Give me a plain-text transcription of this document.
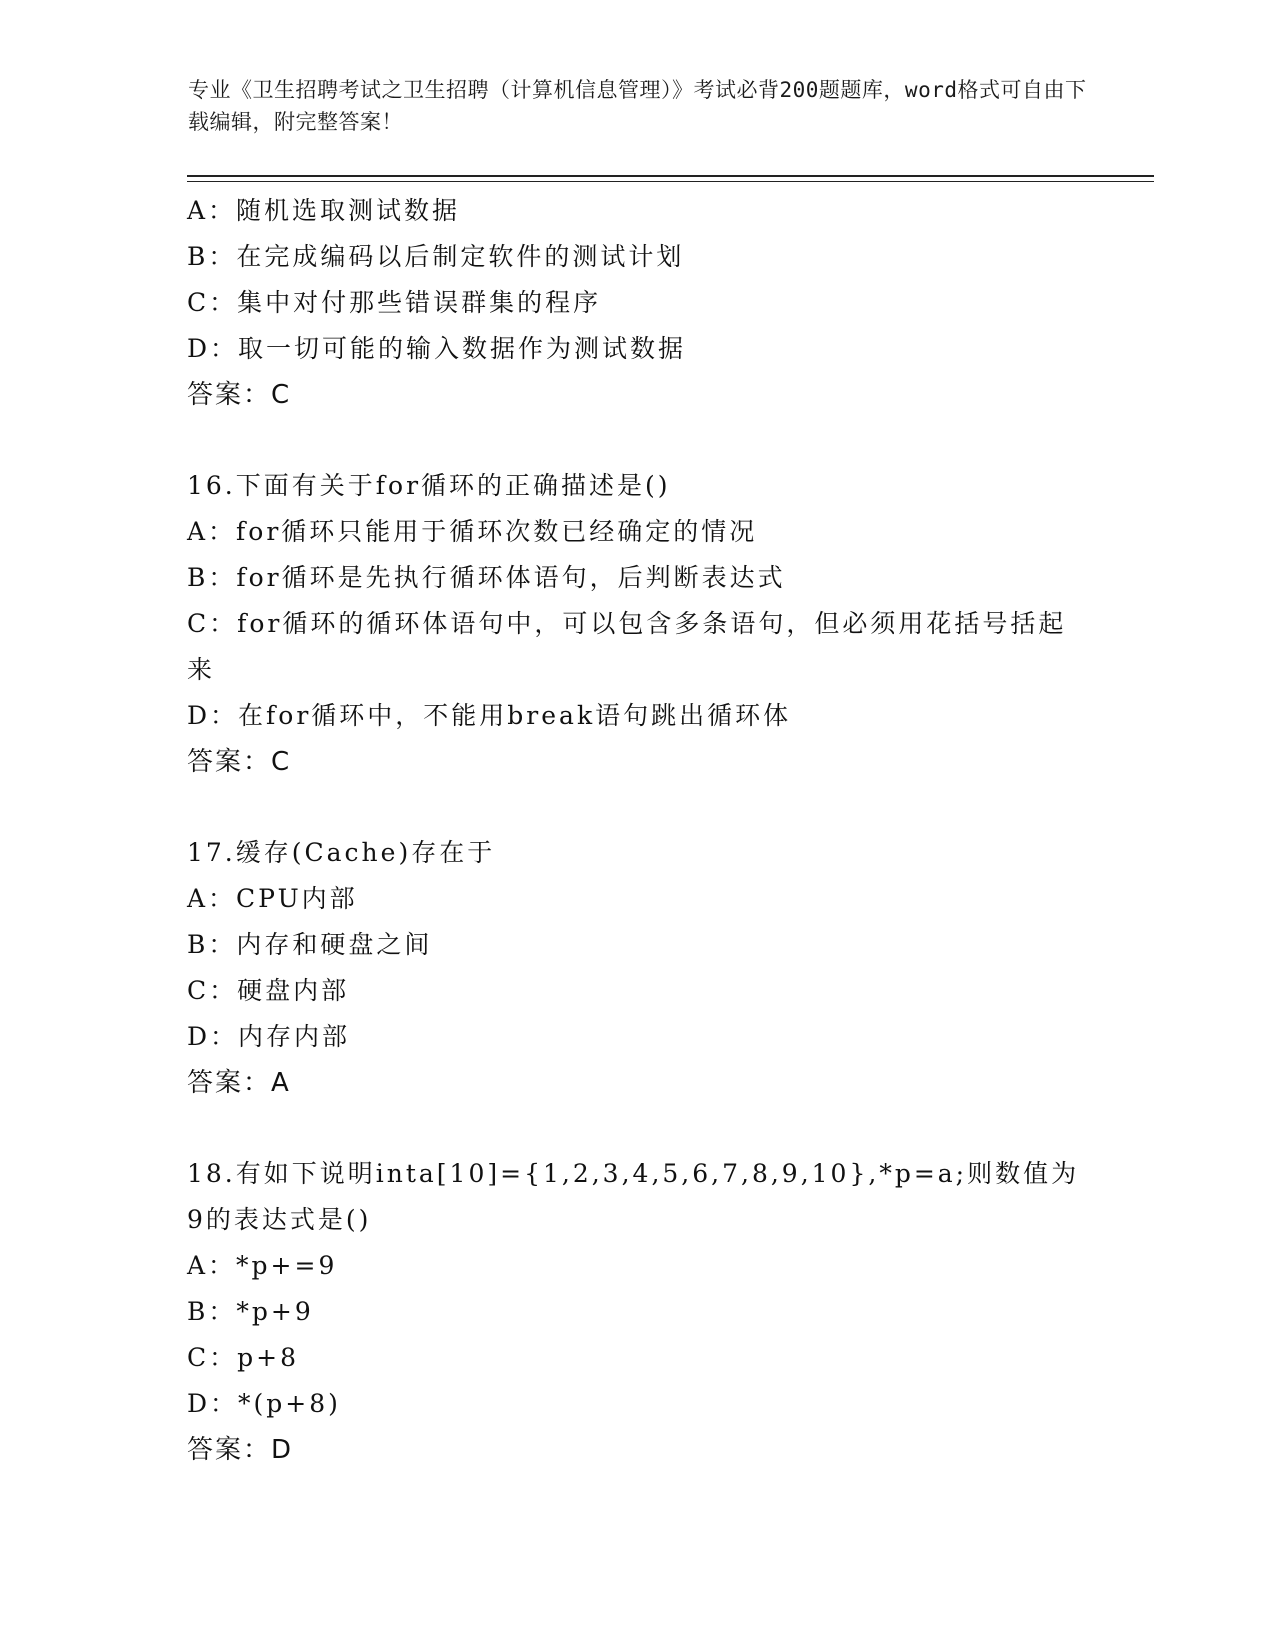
专业《卫生招聘考试之卫生招聘（计算机信息管理）》考试必背200题题库，word格式可自由下载编辑，附完整答案！
A：随机选取测试数据
B：在完成编码以后制定软件的测试计划
C：集中对付那些错误群集的程序
D：取一切可能的输入数据作为测试数据
答案：C
16.下面有关于for循环的正确描述是()
A：for循环只能用于循环次数已经确定的情况
B：for循环是先执行循环体语句，后判断表达式
C：for循环的循环体语句中，可以包含多条语句，但必须用花括号括起来
D：在for循环中，不能用break语句跳出循环体
答案：C
17.缓存(Cache)存在于
A：CPU内部
B：内存和硬盘之间
C：硬盘内部
D：内存内部
答案：A
18.有如下说明inta[10]={1,2,3,4,5,6,7,8,9,10},*p=a;则数值为9的表达式是()
A：*p+=9
B：*p+9
C：p+8
D：*(p+8)
答案：D
